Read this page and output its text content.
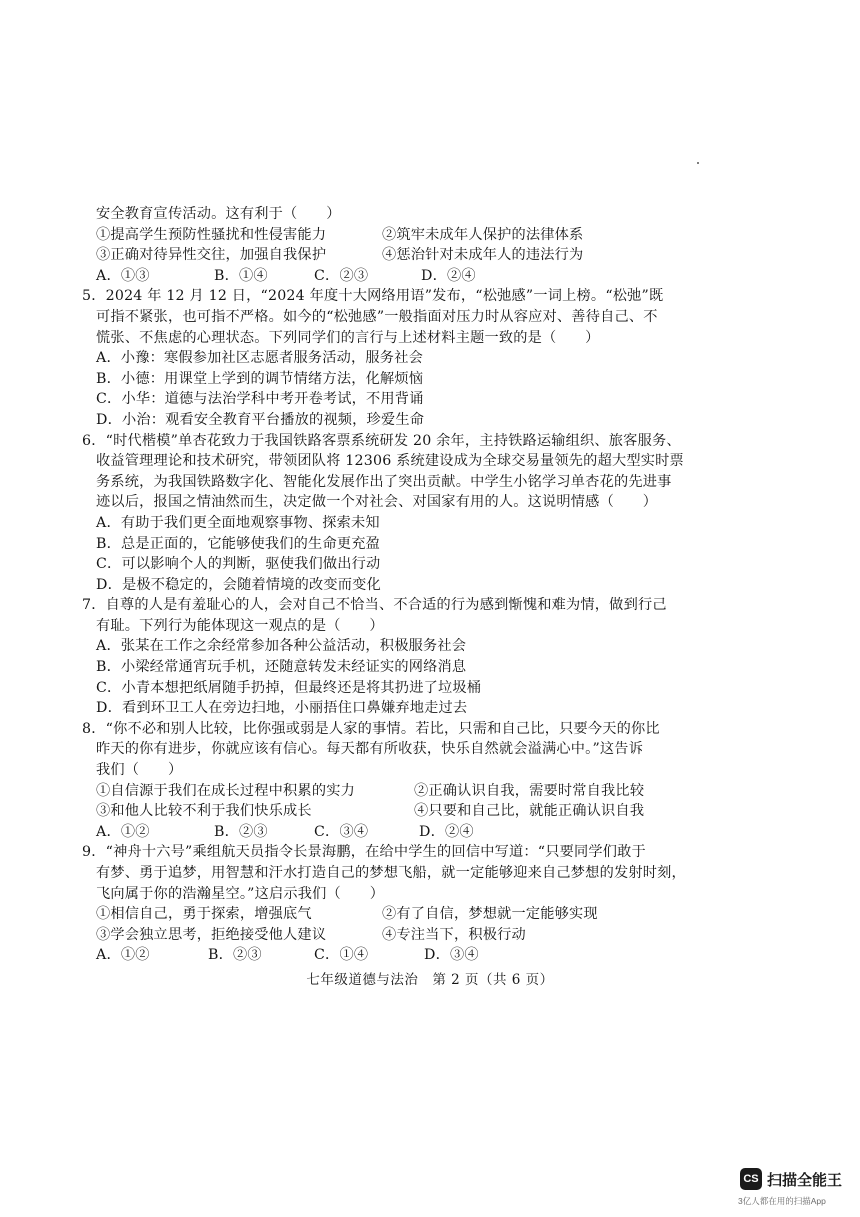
安全教育宣传活动。这有利于（　　）
①提高学生预防性骚扰和性侵害能力	②筑牢未成年人保护的法律体系
③正确对待异性交往，加强自我保护	④惩治针对未成年人的违法行为
A．①③	B．①④	C．②③	D．②④
5．2024 年 12 月 12 日，“2024 年度十大网络用语”发布，“松弛感”一词上榜。“松弛”既
可指不紧张，也可指不严格。如今的“松弛感”一般指面对压力时从容应对、善待自己、不
慌张、不焦虑的心理状态。下列同学们的言行与上述材料主题一致的是（　　）
A．小豫：寒假参加社区志愿者服务活动，服务社会
B．小德：用课堂上学到的调节情绪方法，化解烦恼
C．小华：道德与法治学科中考开卷考试，不用背诵
D．小治：观看安全教育平台播放的视频，珍爱生命
6．“时代楷模”单杏花致力于我国铁路客票系统研发 20 余年，主持铁路运输组织、旅客服务、
收益管理理论和技术研究，带领团队将 12306 系统建设成为全球交易量领先的超大型实时票
务系统，为我国铁路数字化、智能化发展作出了突出贡献。中学生小铭学习单杏花的先进事
迹以后，报国之情油然而生，决定做一个对社会、对国家有用的人。这说明情感（　　）
A．有助于我们更全面地观察事物、探索未知
B．总是正面的，它能够使我们的生命更充盈
C．可以影响个人的判断，驱使我们做出行动
D．是极不稳定的，会随着情境的改变而变化
7．自尊的人是有羞耻心的人，会对自己不恰当、不合适的行为感到惭愧和难为情，做到行己
有耻。下列行为能体现这一观点的是（　　）
A．张某在工作之余经常参加各种公益活动，积极服务社会
B．小梁经常通宵玩手机，还随意转发未经证实的网络消息
C．小青本想把纸屑随手扔掉，但最终还是将其扔进了垃圾桶
D．看到环卫工人在旁边扫地，小丽捂住口鼻嫌弃地走过去
8．“你不必和别人比较，比你强或弱是人家的事情。若比，只需和自己比，只要今天的你比
昨天的你有进步，你就应该有信心。每天都有所收获，快乐自然就会溢满心中。”这告诉
我们（　　）
①自信源于我们在成长过程中积累的实力	②正确认识自我，需要时常自我比较
③和他人比较不利于我们快乐成长	④只要和自己比，就能正确认识自我
A．①②	B．②③	C．③④	D．②④
9．“神舟十六号”乘组航天员指令长景海鹏，在给中学生的回信中写道：“只要同学们敢于
有梦、勇于追梦，用智慧和汗水打造自己的梦想飞船，就一定能够迎来自己梦想的发射时刻，
飞向属于你的浩瀚星空。”这启示我们（　　）
①相信自己，勇于探索，增强底气	②有了自信，梦想就一定能够实现
③学会独立思考，拒绝接受他人建议	④专注当下，积极行动
A．①②	B．②③	C．①④	D．③④
七年级道德与法治　第 2 页（共 6 页）
CS 扫描全能王
3亿人都在用的扫描App
